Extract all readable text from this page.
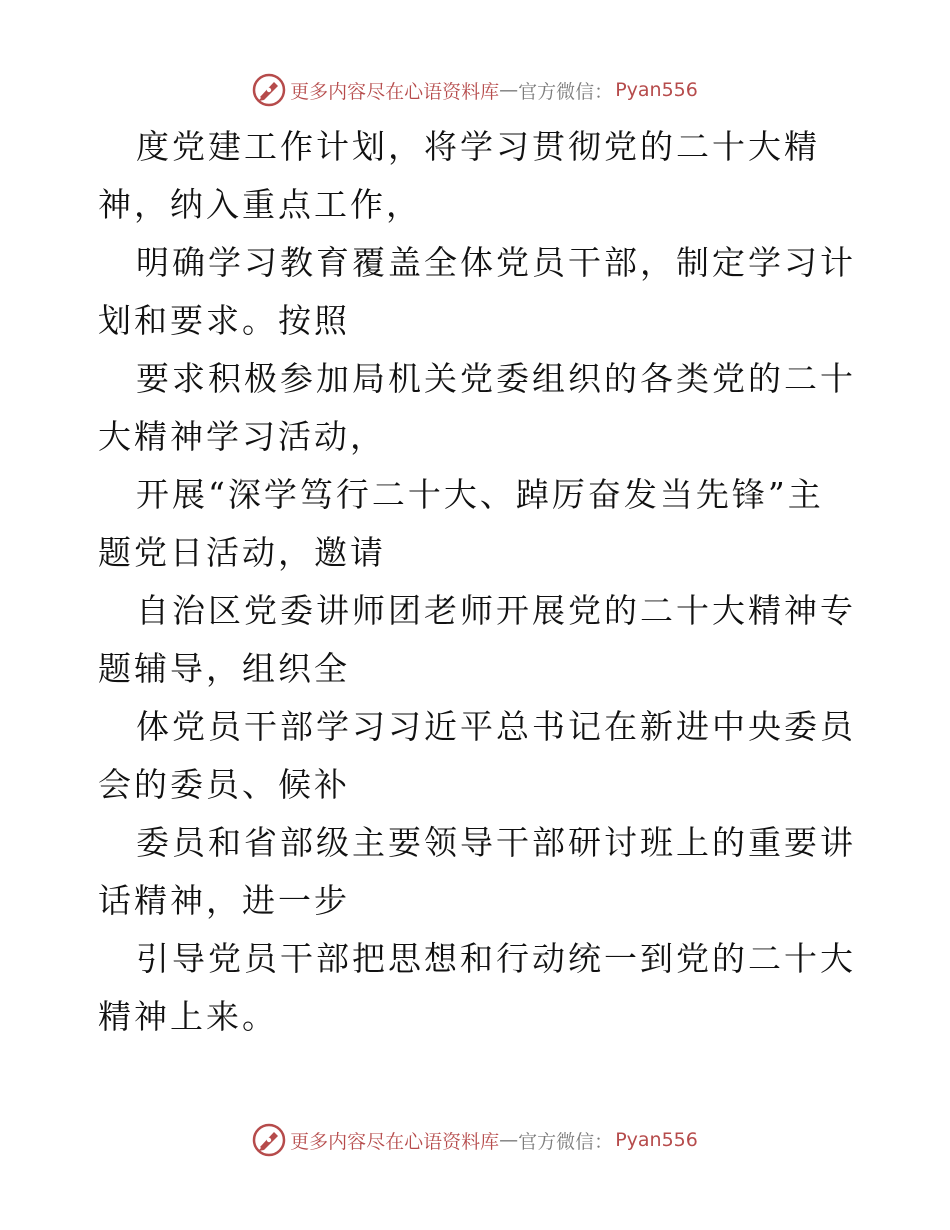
更多内容尽在心语资料库 — 官方微信： Pyan556

度党建工作计划，将学习贯彻党的二十大精神，纳入重点工作，

明确学习教育覆盖全体党员干部，制定学习计划和要求。按照

要求积极参加局机关党委组织的各类党的二十大精神学习活动，

开展“深学笃行二十大、踔厉奋发当先锋”主题党日活动，邀请

自治区党委讲师团老师开展党的二十大精神专题辅导，组织全

体党员干部学习习近平总书记在新进中央委员会的委员、候补

委员和省部级主要领导干部研讨班上的重要讲话精神，进一步

引导党员干部把思想和行动统一到党的二十大精神上来。

更多内容尽在心语资料库 — 官方微信： Pyan556
